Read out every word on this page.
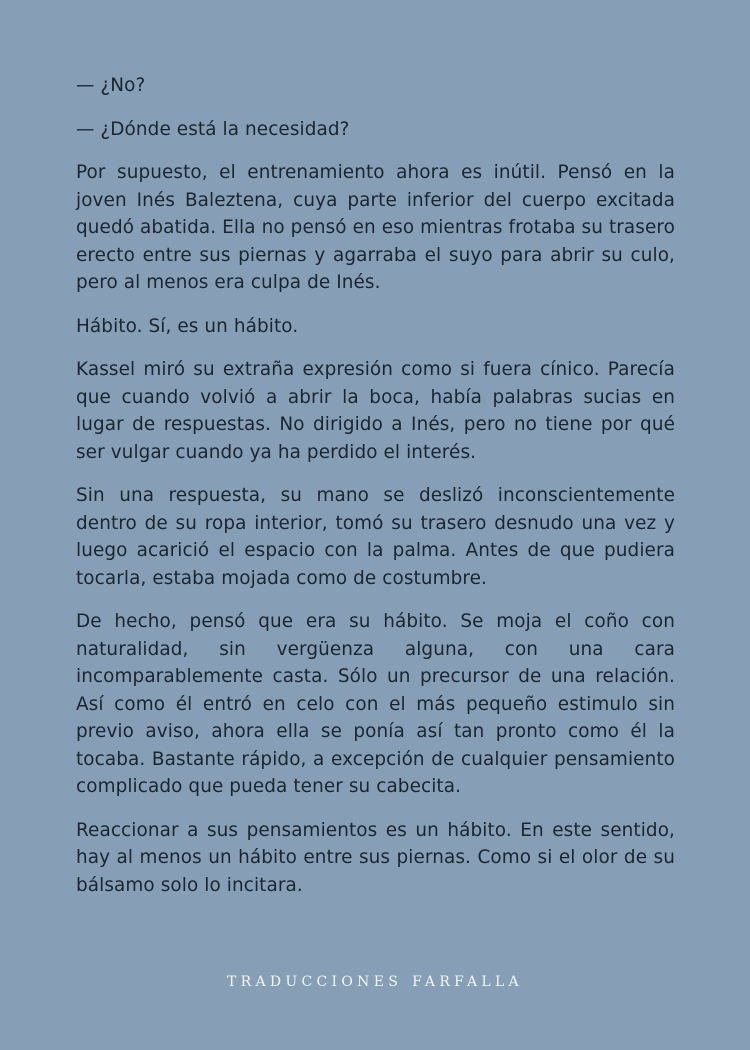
— ¿No?

— ¿Dónde está la necesidad?

Por supuesto, el entrenamiento ahora es inútil. Pensó en la joven Inés Baleztena, cuya parte inferior del cuerpo excitada quedó abatida. Ella no pensó en eso mientras frotaba su trasero erecto entre sus piernas y agarraba el suyo para abrir su culo, pero al menos era culpa de Inés.

Hábito. Sí, es un hábito.

Kassel miró su extraña expresión como si fuera cínico. Parecía que cuando volvió a abrir la boca, había palabras sucias en lugar de respuestas. No dirigido a Inés, pero no tiene por qué ser vulgar cuando ya ha perdido el interés.

Sin una respuesta, su mano se deslizó inconscientemente dentro de su ropa interior, tomó su trasero desnudo una vez y luego acarició el espacio con la palma. Antes de que pudiera tocarla, estaba mojada como de costumbre.

De hecho, pensó que era su hábito. Se moja el coño con naturalidad, sin vergüenza alguna, con una cara incomparablemente casta. Sólo un precursor de una relación. Así como él entró en celo con el más pequeño estimulo sin previo aviso, ahora ella se ponía así tan pronto como él la tocaba. Bastante rápido, a excepción de cualquier pensamiento complicado que pueda tener su cabecita.

Reaccionar a sus pensamientos es un hábito. En este sentido, hay al menos un hábito entre sus piernas. Como si el olor de su bálsamo solo lo incitara.

TRADUCCIONES FARFALLA
